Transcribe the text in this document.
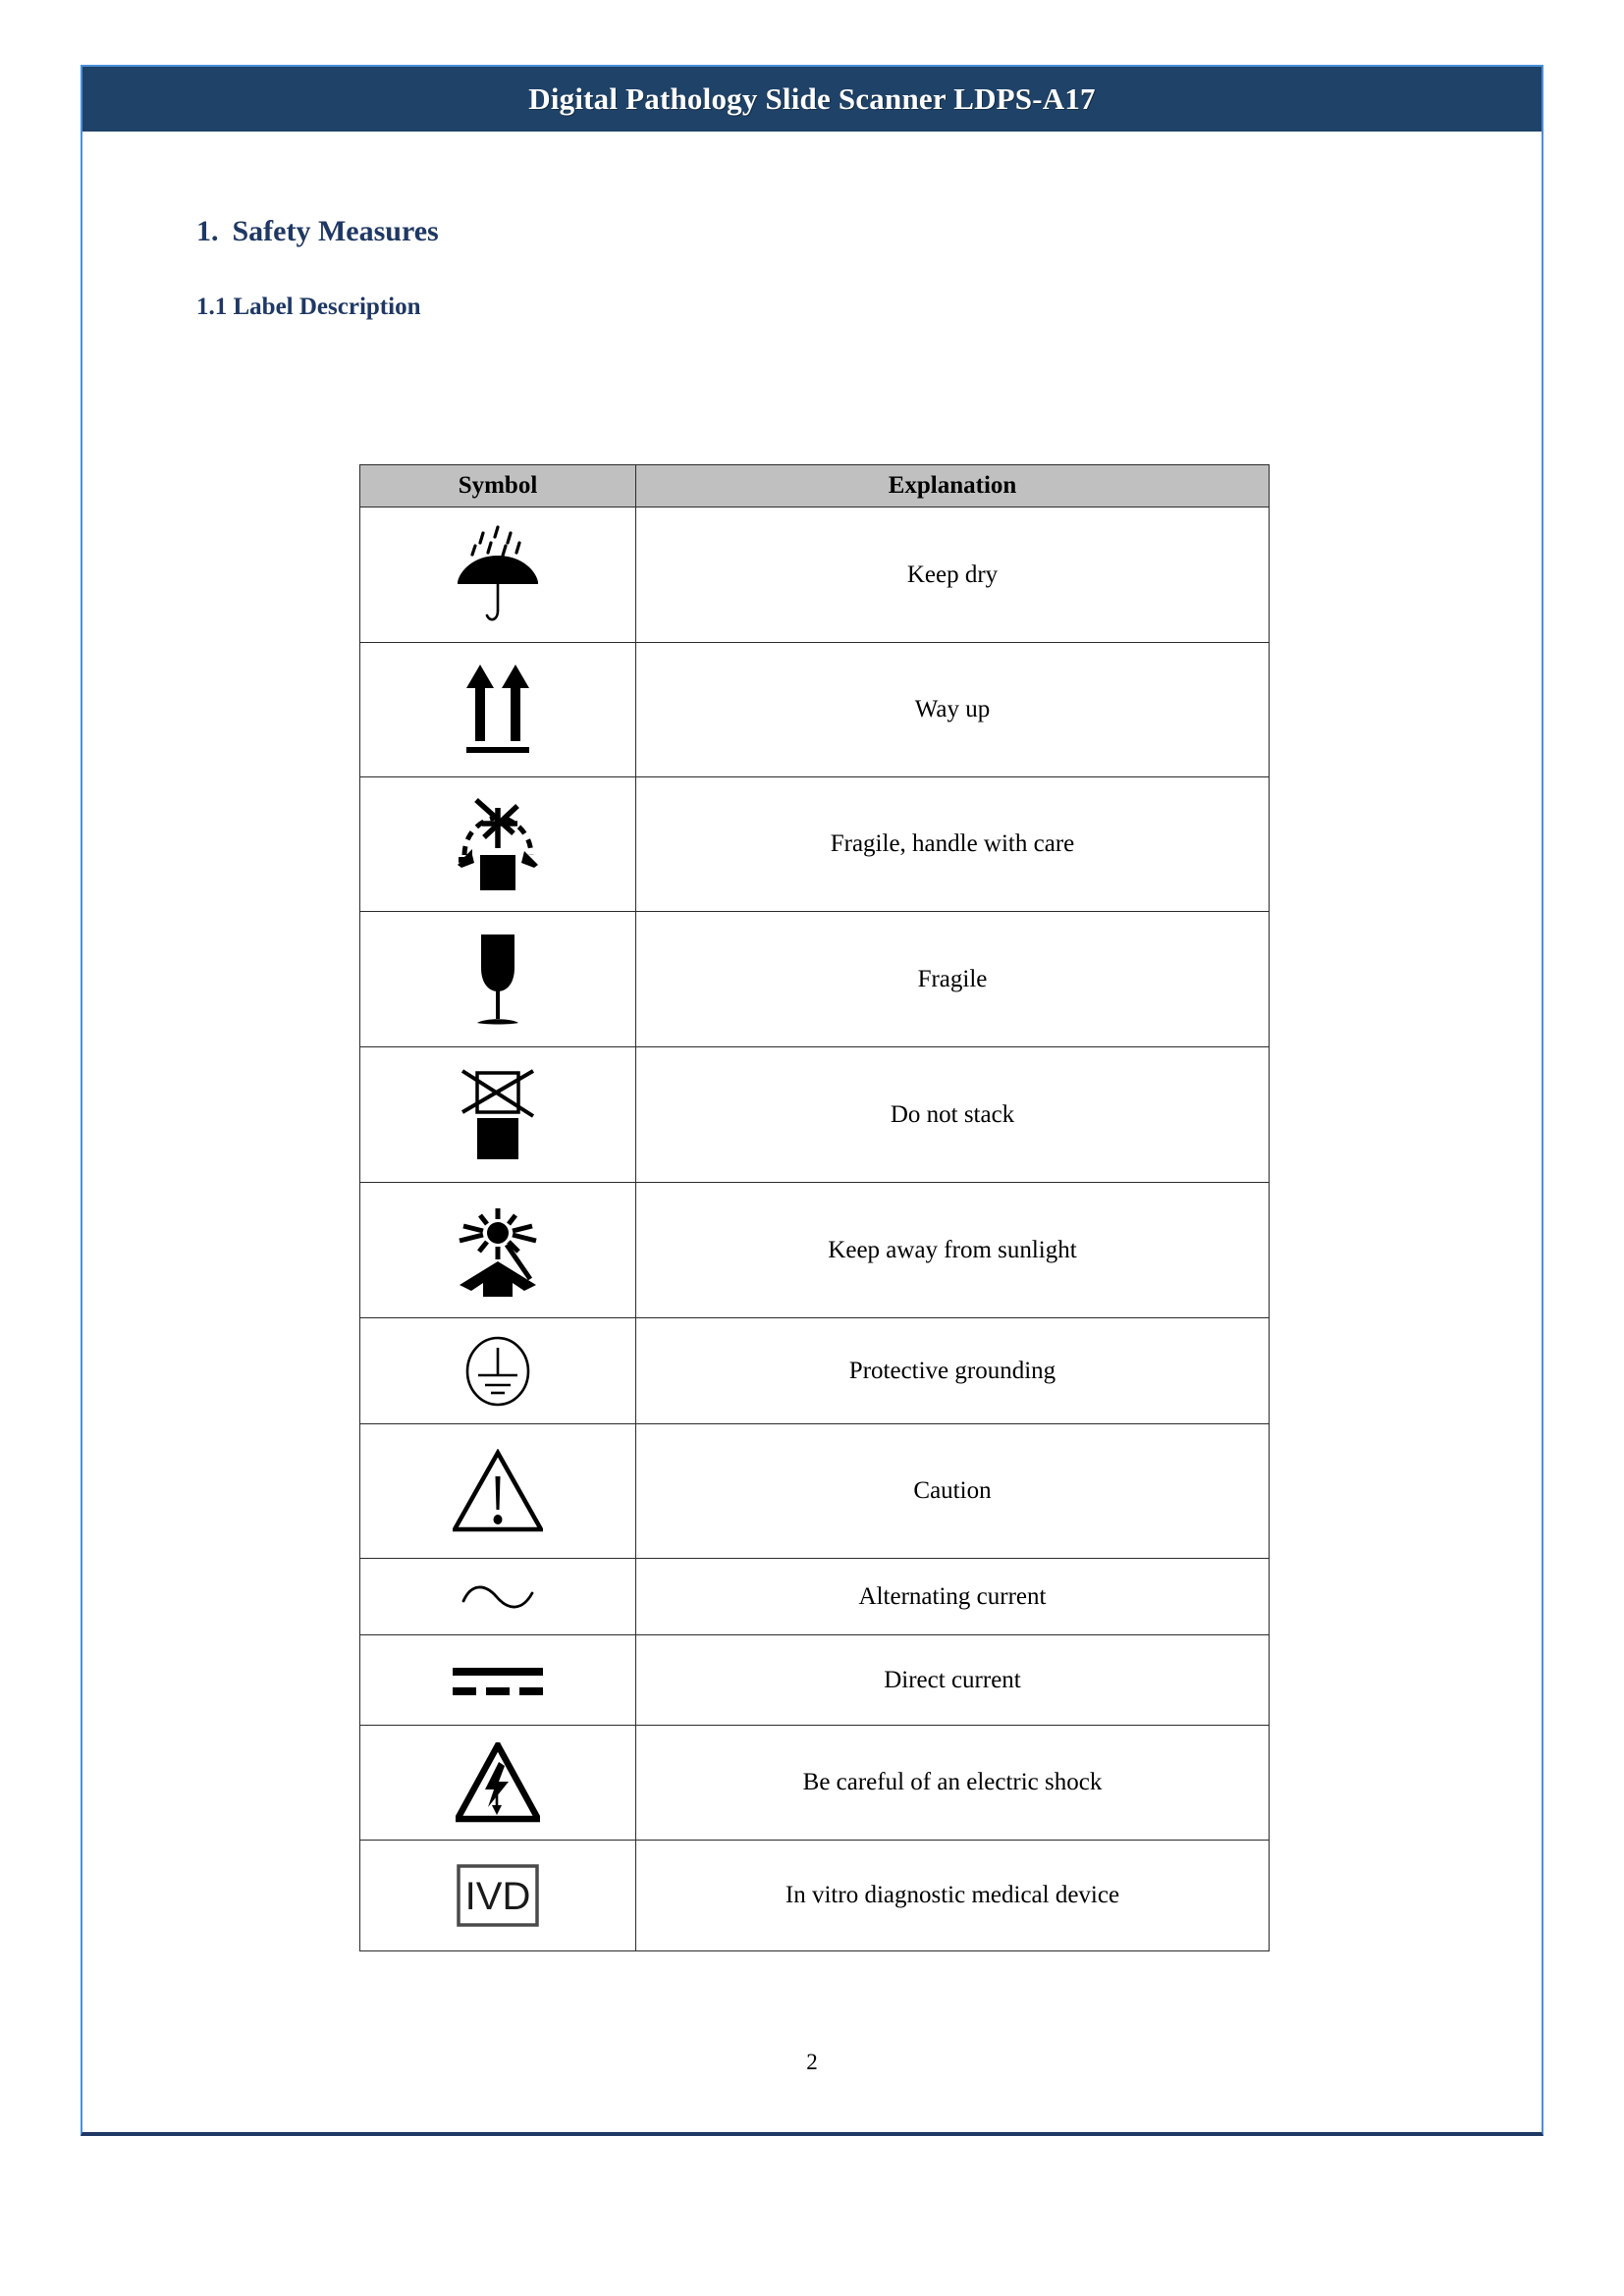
Digital Pathology Slide Scanner LDPS-A17
1. Safety Measures
1.1 Label Description
Symbol	Explanation

	Keep dry

	Way up

	Fragile, handle with care

	Fragile

	Do not stack

	Keep away from sunlight

	Protective grounding

	Caution

	Alternating current

	Direct current

	Be careful of an electric shock

IVD	In vitro diagnostic medical device
2
